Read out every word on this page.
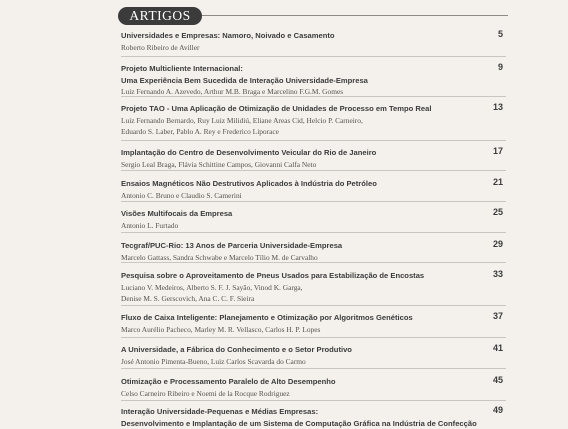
ARTIGOS
Universidades e Empresas: Namoro, Noivado e Casamento
Roberto Ribeiro de Aviller
5
Projeto Multicliente Internacional:
Uma Experiência Bem Sucedida de Interação Universidade-Empresa
Luiz Fernando A. Azevedo, Arthur M.B. Braga e Marcelino F.G.M. Gomes
9
Projeto TAO - Uma Aplicação de Otimização de Unidades de Processo em Tempo Real
Luiz Fernando Bernardo, Ruy Luiz Milidiú, Eliane Areas Cid, Helcio P. Carneiro,
Eduardo S. Laber, Pablo A. Rey e Frederico Liporace
13
Implantação do Centro de Desenvolvimento Veicular do Rio de Janeiro
Sergio Leal Braga, Flávia Schittine Campos, Giovanni Calfa Neto
17
Ensaios Magnéticos Não Destrutivos Aplicados à Indústria do Petróleo
Antonio C. Bruno e Claudio S. Camerini
21
Visões Multifocais da Empresa
Antonio L. Furtado
25
Tecgraf/PUC-Rio: 13 Anos de Parceria Universidade-Empresa
Marcelo Gattass, Sandra Schwabe e Marcelo Tílio M. de Carvalho
29
Pesquisa sobre o Aproveitamento de Pneus Usados para Estabilização de Encostas
Luciano V. Medeiros, Alberto S. F. J. Sayão, Vinod K. Garga,
Denise M. S. Gerscovich, Ana C. C. F. Sieira
33
Fluxo de Caixa Inteligente: Planejamento e Otimização por Algoritmos Genéticos
Marco Aurélio Pacheco, Marley M. R. Vellasco, Carlos H. P. Lopes
37
A Universidade, a Fábrica do Conhecimento e o Setor Produtivo
José Antonio Pimenta-Bueno, Luiz Carlos Scavarda do Carmo
41
Otimização e Processamento Paralelo de Alto Desempenho
Celso Carneiro Ribeiro e Noemi de la Rocque Rodriguez
45
Interação Universidade-Pequenas e Médias Empresas:
Desenvolvimento e Implantação de um Sistema de Computação Gráfica na Indústria de Confecção
49
